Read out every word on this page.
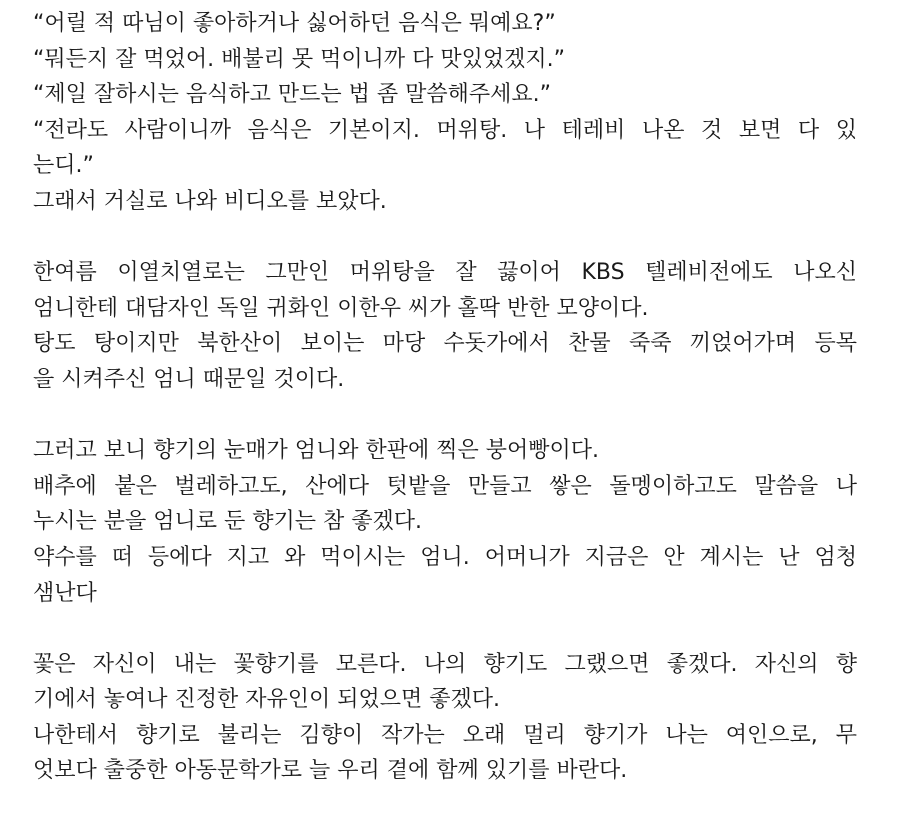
“어릴 적 따님이 좋아하거나 싫어하던 음식은 뭐예요?”
“뭐든지 잘 먹었어. 배불리 못 먹이니까 다 맛있었겠지.”
“제일 잘하시는 음식하고 만드는 법 좀 말씀해주세요.”
“전라도 사람이니까 음식은 기본이지. 머위탕. 나 테레비 나온 것 보면 다 있
는디.”
그래서 거실로 나와 비디오를 보았다.
한여름 이열치열로는 그만인 머위탕을 잘 끓이어 KBS 텔레비전에도 나오신
엄니한테 대담자인 독일 귀화인 이한우 씨가 홀딱 반한 모양이다.
탕도 탕이지만 북한산이 보이는 마당 수돗가에서 찬물 죽죽 끼얹어가며 등목
을 시켜주신 엄니 때문일 것이다.
그러고 보니 향기의 눈매가 엄니와 한판에 찍은 붕어빵이다.
배추에 붙은 벌레하고도, 산에다 텃밭을 만들고 쌓은 돌멩이하고도 말씀을 나
누시는 분을 엄니로 둔 향기는 참 좋겠다.
약수를 떠 등에다 지고 와 먹이시는 엄니. 어머니가 지금은 안 계시는 난 엄청
샘난다
꽃은 자신이 내는 꽃향기를 모른다. 나의 향기도 그랬으면 좋겠다. 자신의 향
기에서 놓여나 진정한 자유인이 되었으면 좋겠다.
나한테서 향기로 불리는 김향이 작가는 오래 멀리 향기가 나는 여인으로, 무
엇보다 출중한 아동문학가로 늘 우리 곁에 함께 있기를 바란다.
